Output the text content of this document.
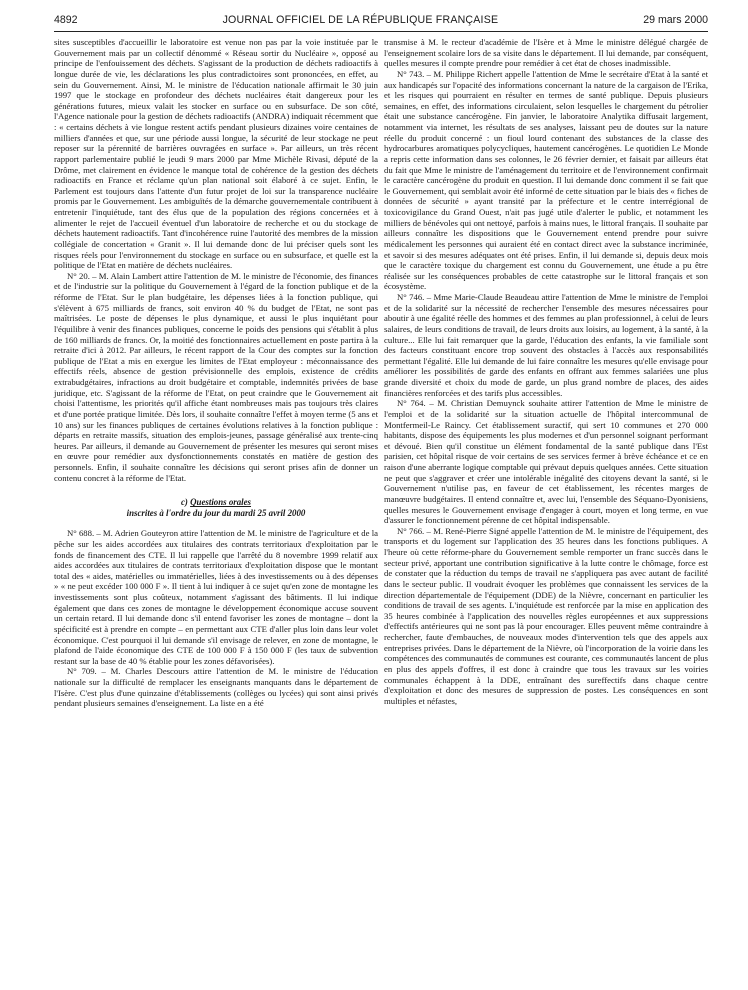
4892	JOURNAL OFFICIEL DE LA RÉPUBLIQUE FRANÇAISE	29 mars 2000

sites susceptibles d'accueillir le laboratoire est venue non pas par la voie instituée par le Gouvernement mais par un collectif dénommé « Réseau sortir du Nucléaire », opposé au principe de l'enfouissement des déchets. S'agissant de la production de déchets radioactifs à longue durée de vie, les déclarations les plus contradictoires sont prononcées, en effet, au sein du Gouvernement. Ainsi, M. le ministre de l'éducation nationale affirmait le 30 juin 1997 que le stockage en profondeur des déchets nucléaires était dangereux pour les générations futures, mieux valait les stocker en surface ou en subsurface. De son côté, l'Agence nationale pour la gestion de déchets radioactifs (ANDRA) indiquait récemment que : « certains déchets à vie longue restent actifs pendant plusieurs dizaines voire centaines de milliers d'années et que, sur une période aussi longue, la sécurité de leur stockage ne peut reposer sur la pérennité de barrières ouvragées en surface ». Par ailleurs, un très récent rapport parlementaire publié le jeudi 9 mars 2000 par Mme Michèle Rivasi, député de la Drôme, met clairement en évidence le manque total de cohérence de la gestion des déchets radioactifs en France et réclame qu'un plan national soit élaboré à ce sujet. Enfin, le Parlement est toujours dans l'attente d'un futur projet de loi sur la transparence nucléaire promis par le Gouvernement. Les ambiguïtés de la démarche gouvernementale contribuent à entretenir l'inquiétude, tant des élus que de la population des régions concernées et à alimenter le rejet de l'accueil éventuel d'un laboratoire de recherche et ou du stockage de déchets hautement radioactifs. Tant d'incohérence ruine l'autorité des membres de la mission collégiale de concertation « Granit ». Il lui demande donc de lui préciser quels sont les risques réels pour l'environnement du stockage en surface ou en subsurface, et quelle est la politique de l'Etat en matière de déchets nucléaires.

N° 20. – M. Alain Lambert attire l'attention de M. le ministre de l'économie, des finances et de l'industrie sur la politique du Gouvernement à l'égard de la fonction publique et de la réforme de l'Etat. Sur le plan budgétaire, les dépenses liées à la fonction publique, qui s'élèvent à 675 milliards de francs, soit environ 40 % du budget de l'Etat, ne sont pas maîtrisées. Le poste de dépenses le plus dynamique, et aussi le plus inquiétant pour l'équilibre à venir des finances publiques, concerne le poids des pensions qui s'établit à plus de 160 milliards de francs. Or, la moitié des fonctionnaires actuellement en poste partira à la retraite d'ici à 2012. Par ailleurs, le récent rapport de la Cour des comptes sur la fonction publique de l'Etat a mis en exergue les limites de l'Etat employeur : méconnaissance des effectifs réels, absence de gestion prévisionnelle des emplois, existence de crédits extrabudgétaires, infractions au droit budgétaire et comptable, indemnités privées de base juridique, etc. S'agissant de la réforme de l'Etat, on peut craindre que le Gouvernement ait choisi l'attentisme, les priorités qu'il affiche étant nombreuses mais pas toujours très claires et d'une portée pratique limitée. Dès lors, il souhaite connaître l'effet à moyen terme (5 ans et 10 ans) sur les finances publiques de certaines évolutions relatives à la fonction publique : départs en retraite massifs, situation des emplois-jeunes, passage généralisé aux trente-cinq heures. Par ailleurs, il demande au Gouvernement de présenter les mesures qui seront mises en œuvre pour remédier aux dysfonctionnements constatés en matière de gestion des personnels. Enfin, il souhaite connaître les décisions qui seront prises afin de donner un contenu concret à la réforme de l'Etat.

c) Questions orales
inscrites à l'ordre du jour du mardi 25 avril 2000

N° 688. – M. Adrien Gouteyron attire l'attention de M. le ministre de l'agriculture et de la pêche sur les aides accordées aux titulaires des contrats territoriaux d'exploitation par le fonds de financement des CTE. Il lui rappelle que l'arrêté du 8 novembre 1999 relatif aux aides accordées aux titulaires de contrats territoriaux d'exploitation dispose que le montant total des « aides, matérielles ou immatérielles, liées à des investissements ou à des dépenses » « ne peut excéder 100 000 F ». Il tient à lui indiquer à ce sujet qu'en zone de montagne les investissements sont plus coûteux, notamment s'agissant des bâtiments. Il lui indique également que dans ces zones de montagne le développement économique accuse souvent un certain retard. Il lui demande donc s'il entend favoriser les zones de montagne – dont la spécificité est à prendre en compte – en permettant aux CTE d'aller plus loin dans leur volet économique. C'est pourquoi il lui demande s'il envisage de relever, en zone de montagne, le plafond de l'aide économique des CTE de 100 000 F à 150 000 F (les taux de subvention restant sur la base de 40 % établie pour les zones défavorisées).

N° 709. – M. Charles Descours attire l'attention de M. le ministre de l'éducation nationale sur la difficulté de remplacer les enseignants manquants dans le département de l'Isère. C'est plus d'une quinzaine d'établissements (collèges ou lycées) qui sont ainsi privés pendant plusieurs semaines d'enseignement. La liste en a été

transmise à M. le recteur d'académie de l'Isère et à Mme le ministre délégué chargée de l'enseignement scolaire lors de sa visite dans le département. Il lui demande, par conséquent, quelles mesures il compte prendre pour remédier à cet état de choses inadmissible.

N° 743. – M. Philippe Richert appelle l'attention de Mme le secrétaire d'Etat à la santé et aux handicapés sur l'opacité des informations concernant la nature de la cargaison de l'Erika, et les risques qui pourraient en résulter en termes de santé publique. Depuis plusieurs semaines, en effet, des informations circulaient, selon lesquelles le chargement du pétrolier était une substance cancérogène. Fin janvier, le laboratoire Analytika diffusait largement, notamment via internet, les résultats de ses analyses, laissant peu de doutes sur la nature réelle du produit concerné : un fioul lourd contenant des substances de la classe des hydrocarbures aromatiques polycycliques, hautement cancérogènes. Le quotidien Le Monde a repris cette information dans ses colonnes, le 26 février dernier, et faisait par ailleurs état du fait que Mme le ministre de l'aménagement du territoire et de l'environnement confirmait le caractère cancérogène du produit en question. Il lui demande donc comment il se fait que le Gouvernement, qui semblait avoir été informé de cette situation par le biais des « fiches de données de sécurité » ayant transité par la préfecture et le centre interrégional de toxicovigilance du Grand Ouest, n'ait pas jugé utile d'alerter le public, et notamment les milliers de bénévoles qui ont nettoyé, parfois à mains nues, le littoral français. Il souhaite par ailleurs connaître les dispositions que le Gouvernement entend prendre pour suivre médicalement les personnes qui auraient été en contact direct avec la substance incriminée, et savoir si des mesures adéquates ont été prises. Enfin, il lui demande si, depuis deux mois que le caractère toxique du chargement est connu du Gouvernement, une étude a pu être réalisée sur les conséquences probables de cette catastrophe sur le littoral français et son écosystème.

N° 746. – Mme Marie-Claude Beaudeau attire l'attention de Mme le ministre de l'emploi et de la solidarité sur la nécessité de rechercher l'ensemble des mesures nécessaires pour aboutir à une égalité réelle des hommes et des femmes au plan professionnel, à celui de leurs salaires, de leurs conditions de travail, de leurs droits aux loisirs, au logement, à la santé, à la culture... Elle lui fait remarquer que la garde, l'éducation des enfants, la vie familiale sont des facteurs constituant encore trop souvent des obstacles à l'accès aux responsabilités permettant l'égalité. Elle lui demande de lui faire connaître les mesures qu'elle envisage pour améliorer les possibilités de garde des enfants en offrant aux femmes salariées une plus grande diversité et choix du mode de garde, un plus grand nombre de places, des aides financières renforcées et des tarifs plus accessibles.

N° 764. – M. Christian Demuynck souhaite attirer l'attention de Mme le ministre de l'emploi et de la solidarité sur la situation actuelle de l'hôpital intercommunal de Montfermeil-Le Raincy. Cet établissement suractif, qui sert 10 communes et 270 000 habitants, dispose des équipements les plus modernes et d'un personnel soignant performant et dévoué. Bien qu'il constitue un élément fondamental de la santé publique dans l'Est parisien, cet hôpital risque de voir certains de ses services fermer à brève échéance et ce en raison d'une aberrante logique comptable qui prévaut depuis quelques années. Cette situation ne peut que s'aggraver et créer une intolérable inégalité des citoyens devant la santé, si le Gouvernement n'utilise pas, en faveur de cet établissement, les récentes marges de manœuvre budgétaires. Il entend connaître et, avec lui, l'ensemble des Séquano-Dyonisiens, quelles mesures le Gouvernement envisage d'engager à court, moyen et long terme, en vue d'assurer le fonctionnement pérenne de cet hôpital indispensable.

N° 766. – M. René-Pierre Signé appelle l'attention de M. le ministre de l'équipement, des transports et du logement sur l'application des 35 heures dans les fonctions publiques. A l'heure où cette réforme-phare du Gouvernement semble remporter un franc succès dans le secteur privé, apportant une contribution significative à la lutte contre le chômage, force est de constater que la réduction du temps de travail ne s'appliquera pas avec autant de facilité dans le secteur public. Il voudrait évoquer les problèmes que connaissent les services de la direction départementale de l'équipement (DDE) de la Nièvre, concernant en particulier les conditions de travail de ses agents. L'inquiétude est renforcée par la mise en application des 35 heures combinée à l'application des nouvelles règles européennes et aux suppressions d'effectifs antérieures qui ne sont pas là pour encourager. Elles peuvent même contraindre à rechercher, faute d'embauches, de nouveaux modes d'intervention tels que des appels aux entreprises privées. Dans le département de la Nièvre, où l'incorporation de la voirie dans les compétences des communautés de communes est courante, ces communautés lancent de plus en plus des appels d'offres, il est donc à craindre que tous les travaux sur les voiries communales échappent à la DDE, entraînant des sureffectifs dans chaque centre d'exploitation et donc des mesures de suppression de postes. Les conséquences en sont multiples et néfastes,
